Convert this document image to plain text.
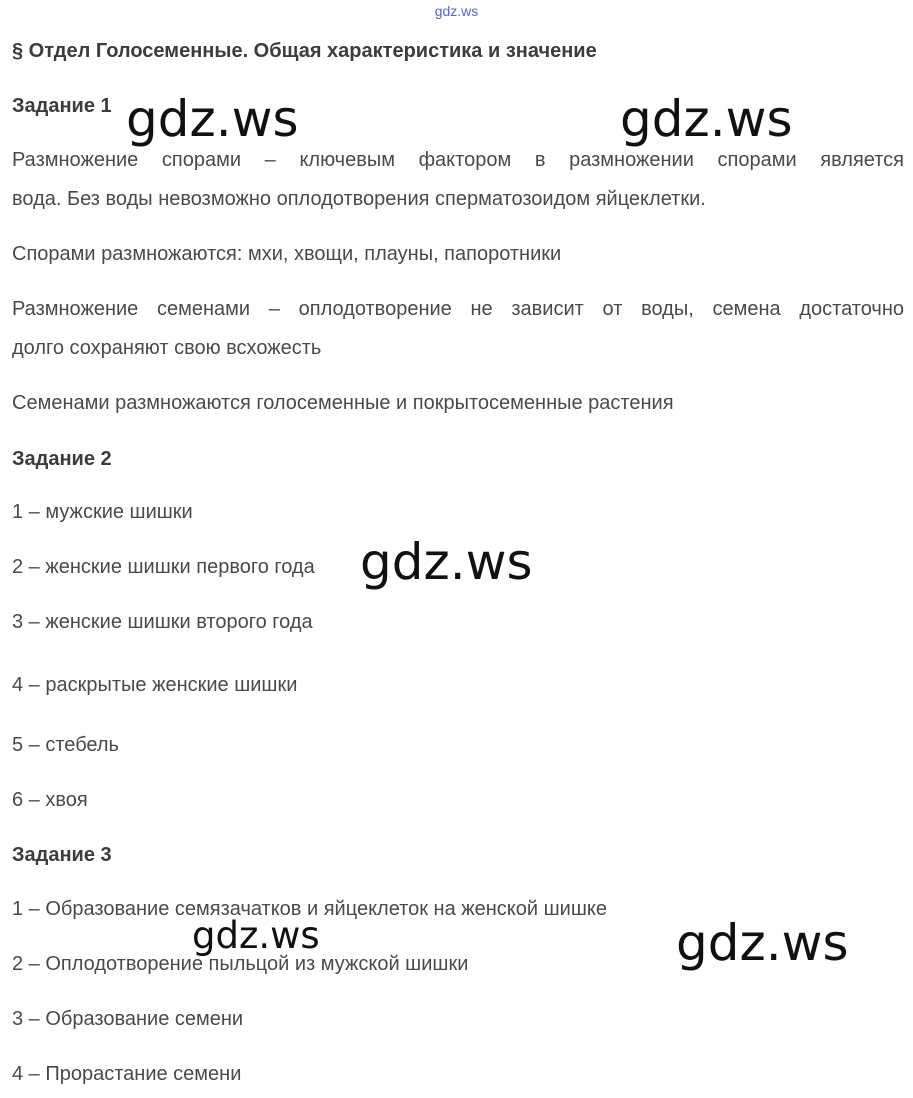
gdz.ws
§ Отдел Голосеменные. Общая характеристика и значение
Задание 1
Размножение спорами – ключевым фактором в размножении спорами является
вода. Без воды невозможно оплодотворения сперматозоидом яйцеклетки.
Спорами размножаются: мхи, хвощи, плауны, папоротники
Размножение семенами – оплодотворение не зависит от воды, семена достаточно
долго сохраняют свою всхожесть
Семенами размножаются голосеменные и покрытосеменные растения
Задание 2
1 – мужские шишки
2 – женские шишки первого года
3 – женские шишки второго года
4 – раскрытые женские шишки
5 – стебель
6 – хвоя
Задание 3
1 – Образование семязачатков и яйцеклеток на женской шишке
2 – Оплодотворение пыльцой из мужской шишки
3 – Образование семени
4 – Прорастание семени
gdz.ws	gdz.ws
gdz.ws
gdz.ws	gdz.ws
